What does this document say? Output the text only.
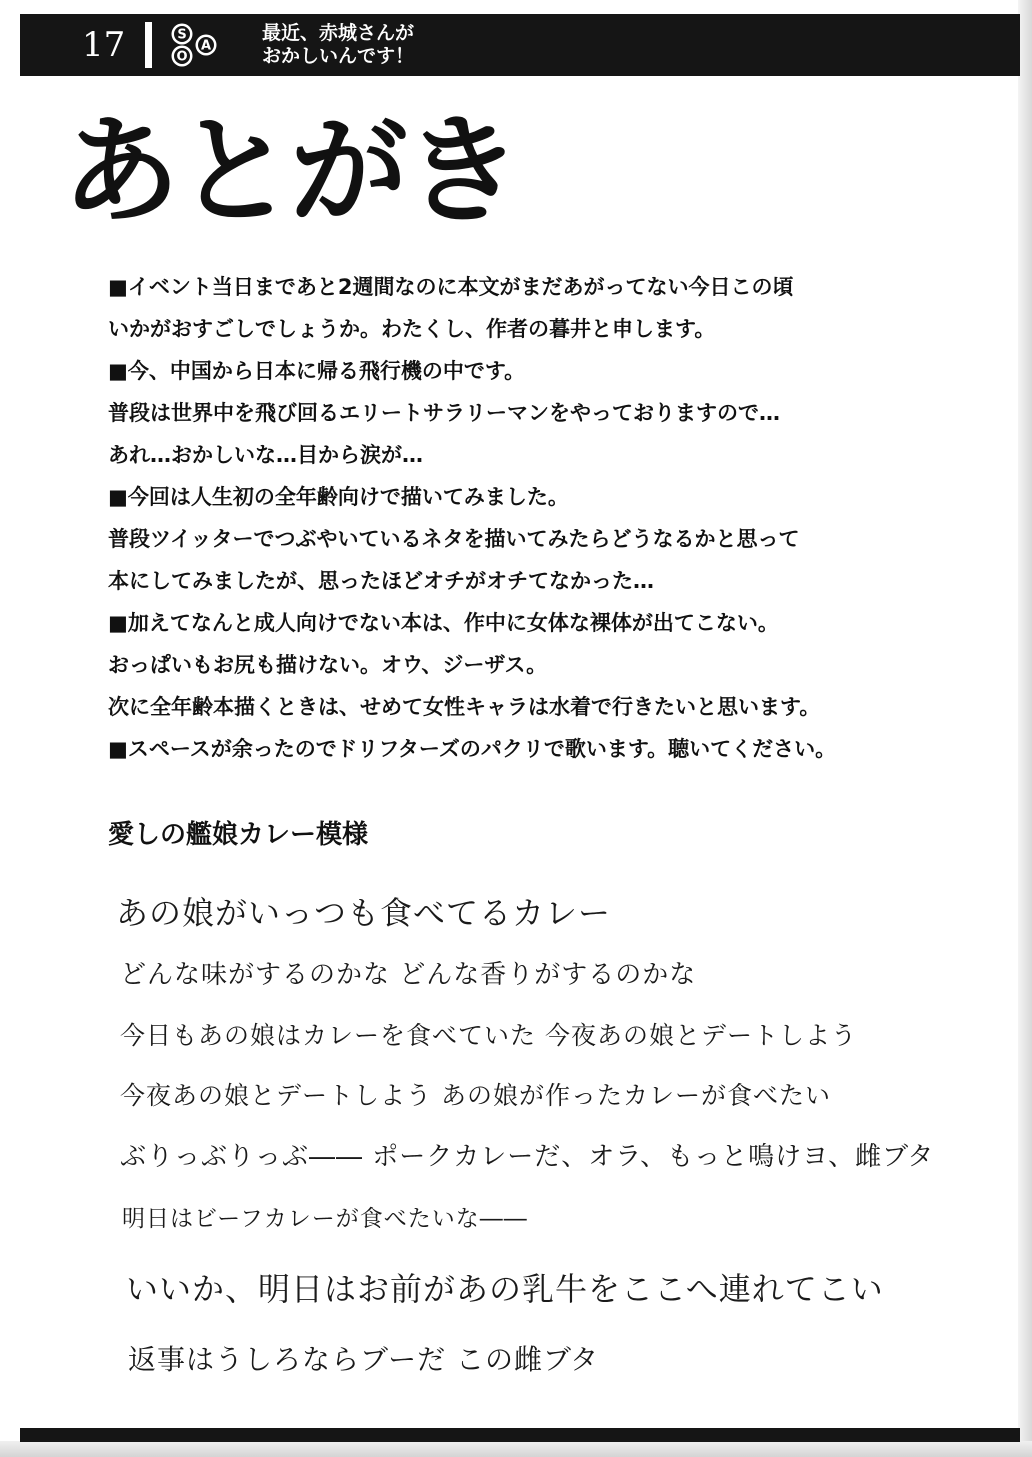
17	S
O
A
最近、赤城さんが
おかしいんです！
あとがき
■イベント当日まであと2週間なのに本文がまだあがってない今日この頃
いかがおすごしでしょうか。わたくし、作者の暮井と申します。
■今、中国から日本に帰る飛行機の中です。
普段は世界中を飛び回るエリートサラリーマンをやっておりますので…
あれ…おかしいな…目から涙が…
■今回は人生初の全年齢向けで描いてみました。
普段ツイッターでつぶやいているネタを描いてみたらどうなるかと思って
本にしてみましたが、思ったほどオチがオチてなかった…
■加えてなんと成人向けでない本は、作中に女体な裸体が出てこない。
おっぱいもお尻も描けない。オウ、ジーザス。
次に全年齢本描くときは、せめて女性キャラは水着で行きたいと思います。
■スペースが余ったのでドリフターズのパクリで歌います。聴いてください。
愛しの艦娘カレー模様
あの娘がいっつも食べてるカレー
どんな味がするのかな どんな香りがするのかな
今日もあの娘はカレーを食べていた 今夜あの娘とデートしよう
今夜あの娘とデートしよう あの娘が作ったカレーが食べたい
ぶりっぶりっぶ―― ポークカレーだ、オラ、もっと鳴けヨ、雌ブタ
明日はビーフカレーが食べたいな――
いいか、明日はお前があの乳牛をここへ連れてこい
返事はうしろならブーだ この雌ブタ
